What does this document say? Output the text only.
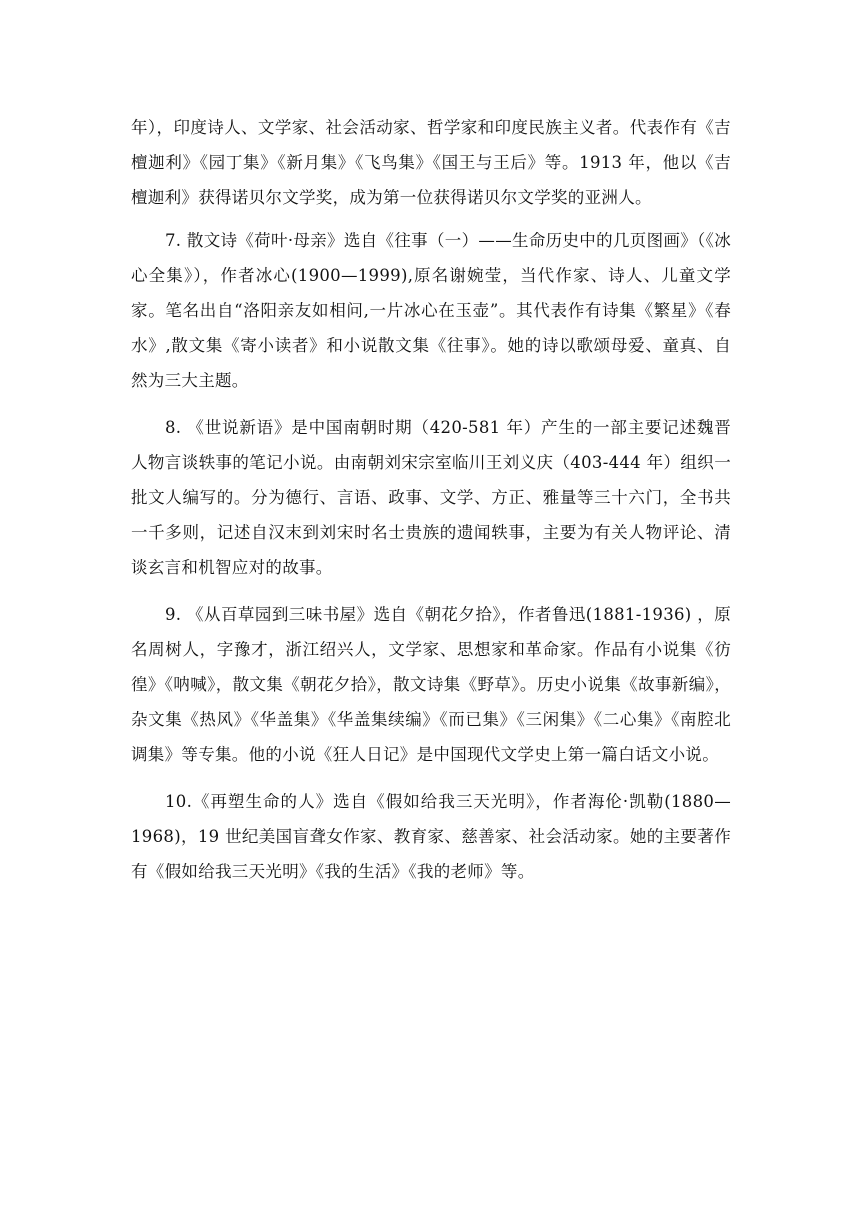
年），印度诗人、文学家、社会活动家、哲学家和印度民族主义者。代表作有《吉檀迦利》《园丁集》《新月集》《飞鸟集》《国王与王后》等。1913 年，他以《吉檀迦利》获得诺贝尔文学奖，成为第一位获得诺贝尔文学奖的亚洲人。

7. 散文诗《荷叶·母亲》选自《往事（一）——生命历史中的几页图画》（《冰心全集》），作者冰心(1900—1999),原名谢婉莹，当代作家、诗人、儿童文学家。笔名出自“洛阳亲友如相问,一片冰心在玉壶”。其代表作有诗集《繁星》《春水》,散文集《寄小读者》和小说散文集《往事》。她的诗以歌颂母爱、童真、自然为三大主题。

8. 《世说新语》是中国南朝时期（420-581 年）产生的一部主要记述魏晋人物言谈轶事的笔记小说。由南朝刘宋宗室临川王刘义庆（403-444 年）组织一批文人编写的。分为德行、言语、政事、文学、方正、雅量等三十六门，全书共一千多则，记述自汉末到刘宋时名士贵族的遗闻轶事，主要为有关人物评论、清谈玄言和机智应对的故事。

9. 《从百草园到三味书屋》选自《朝花夕拾》，作者鲁迅(1881-1936) ，原名周树人，字豫才，浙江绍兴人，文学家、思想家和革命家。作品有小说集《彷徨》《呐喊》，散文集《朝花夕拾》，散文诗集《野草》。历史小说集《故事新编》，杂文集《热风》《华盖集》《华盖集续编》《而已集》《三闲集》《二心集》《南腔北调集》等专集。他的小说《狂人日记》是中国现代文学史上第一篇白话文小说。

10.《再塑生命的人》选自《假如给我三天光明》，作者海伦·凯勒(1880—1968)，19 世纪美国盲聋女作家、教育家、慈善家、社会活动家。她的主要著作有《假如给我三天光明》《我的生活》《我的老师》等。
